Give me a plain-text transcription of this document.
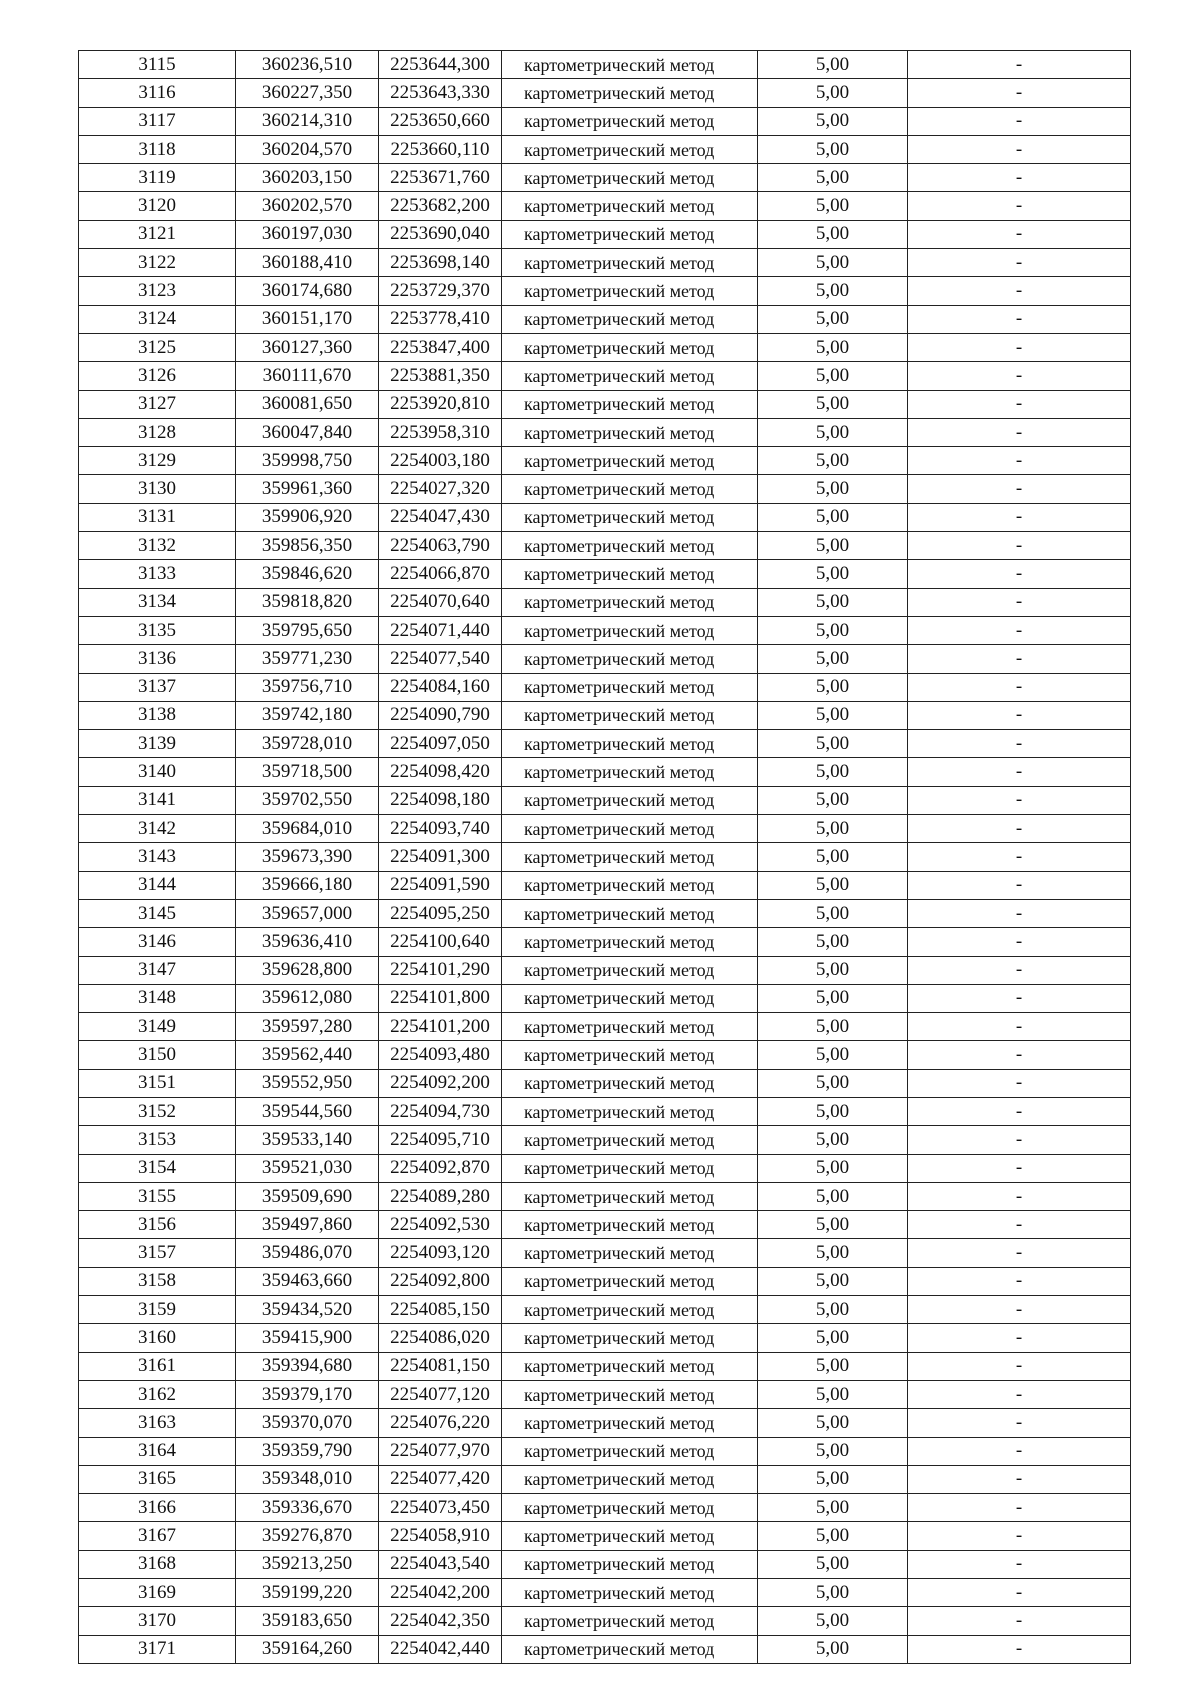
3115	360236,510	2253644,300	картометрический метод	5,00	-
3116	360227,350	2253643,330	картометрический метод	5,00	-
3117	360214,310	2253650,660	картометрический метод	5,00	-
3118	360204,570	2253660,110	картометрический метод	5,00	-
3119	360203,150	2253671,760	картометрический метод	5,00	-
3120	360202,570	2253682,200	картометрический метод	5,00	-
3121	360197,030	2253690,040	картометрический метод	5,00	-
3122	360188,410	2253698,140	картометрический метод	5,00	-
3123	360174,680	2253729,370	картометрический метод	5,00	-
3124	360151,170	2253778,410	картометрический метод	5,00	-
3125	360127,360	2253847,400	картометрический метод	5,00	-
3126	360111,670	2253881,350	картометрический метод	5,00	-
3127	360081,650	2253920,810	картометрический метод	5,00	-
3128	360047,840	2253958,310	картометрический метод	5,00	-
3129	359998,750	2254003,180	картометрический метод	5,00	-
3130	359961,360	2254027,320	картометрический метод	5,00	-
3131	359906,920	2254047,430	картометрический метод	5,00	-
3132	359856,350	2254063,790	картометрический метод	5,00	-
3133	359846,620	2254066,870	картометрический метод	5,00	-
3134	359818,820	2254070,640	картометрический метод	5,00	-
3135	359795,650	2254071,440	картометрический метод	5,00	-
3136	359771,230	2254077,540	картометрический метод	5,00	-
3137	359756,710	2254084,160	картометрический метод	5,00	-
3138	359742,180	2254090,790	картометрический метод	5,00	-
3139	359728,010	2254097,050	картометрический метод	5,00	-
3140	359718,500	2254098,420	картометрический метод	5,00	-
3141	359702,550	2254098,180	картометрический метод	5,00	-
3142	359684,010	2254093,740	картометрический метод	5,00	-
3143	359673,390	2254091,300	картометрический метод	5,00	-
3144	359666,180	2254091,590	картометрический метод	5,00	-
3145	359657,000	2254095,250	картометрический метод	5,00	-
3146	359636,410	2254100,640	картометрический метод	5,00	-
3147	359628,800	2254101,290	картометрический метод	5,00	-
3148	359612,080	2254101,800	картометрический метод	5,00	-
3149	359597,280	2254101,200	картометрический метод	5,00	-
3150	359562,440	2254093,480	картометрический метод	5,00	-
3151	359552,950	2254092,200	картометрический метод	5,00	-
3152	359544,560	2254094,730	картометрический метод	5,00	-
3153	359533,140	2254095,710	картометрический метод	5,00	-
3154	359521,030	2254092,870	картометрический метод	5,00	-
3155	359509,690	2254089,280	картометрический метод	5,00	-
3156	359497,860	2254092,530	картометрический метод	5,00	-
3157	359486,070	2254093,120	картометрический метод	5,00	-
3158	359463,660	2254092,800	картометрический метод	5,00	-
3159	359434,520	2254085,150	картометрический метод	5,00	-
3160	359415,900	2254086,020	картометрический метод	5,00	-
3161	359394,680	2254081,150	картометрический метод	5,00	-
3162	359379,170	2254077,120	картометрический метод	5,00	-
3163	359370,070	2254076,220	картометрический метод	5,00	-
3164	359359,790	2254077,970	картометрический метод	5,00	-
3165	359348,010	2254077,420	картометрический метод	5,00	-
3166	359336,670	2254073,450	картометрический метод	5,00	-
3167	359276,870	2254058,910	картометрический метод	5,00	-
3168	359213,250	2254043,540	картометрический метод	5,00	-
3169	359199,220	2254042,200	картометрический метод	5,00	-
3170	359183,650	2254042,350	картометрический метод	5,00	-
3171	359164,260	2254042,440	картометрический метод	5,00	-
